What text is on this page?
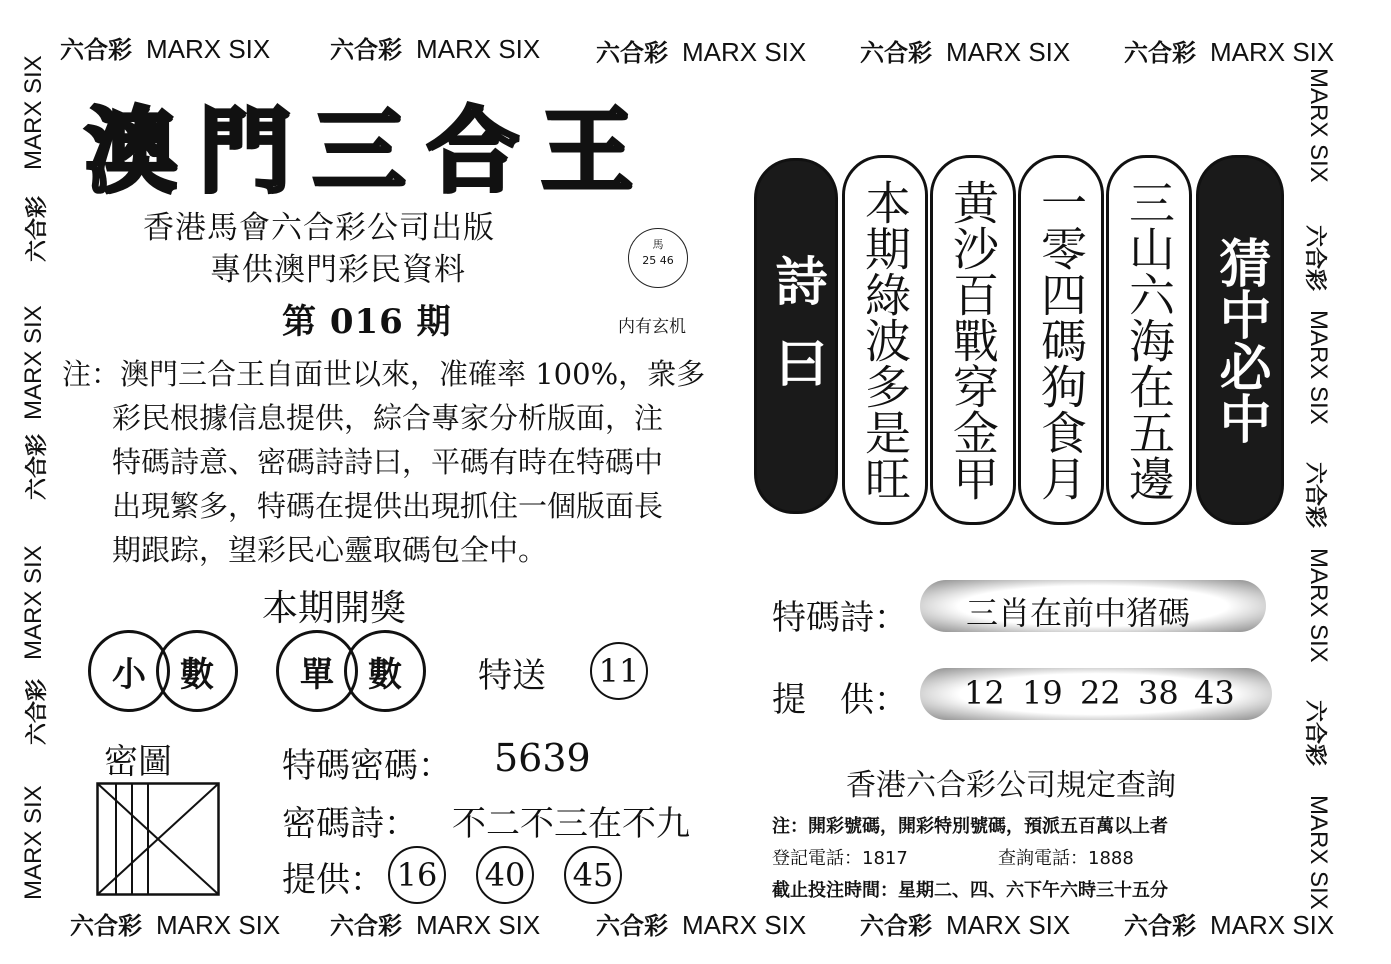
六合彩 MARX SIX 六合彩 MARX SIX 六合彩 MARX SIX 六合彩 MARX SIX 六合彩 MARX SIX
六合彩 MARX SIX 六合彩 MARX SIX 六合彩 MARX SIX 六合彩 MARX SIX 六合彩 MARX SIX
MARX SIX
六合彩
MARX SIX
六合彩
MARX SIX
六合彩
MARX SIX
MARX SIX
六合彩
MARX SIX
六合彩
MARX SIX
六合彩
MARX SIX
澳門三合王
香港馬會六合彩公司出版
專供澳門彩民資料
第 016 期
馬
25 46
内有玄机
注：澳門三合王自面世以來，准確率 100%，衆多
彩民根據信息提供，綜合專家分析版面，注
特碼詩意、密碼詩詩曰，平碼有時在特碼中
出現繁多，特碼在提供出現抓住一個版面長
期跟踪，望彩民心靈取碼包全中。
本期開獎
小	數	單	數	特送 11
密圖	特碼密碼： 5639
密碼詩： 不二不三在不九
提供： 16 40 45
詩曰 本期綠波多是旺 黄沙百戰穿金甲 一零四碼狗食月 三山六海在五邊 猜中必中
特碼詩： 三肖在前中猪碼
提　供： 12 19 22 38 43
香港六合彩公司規定查詢
注：開彩號碼，開彩特別號碼，預派五百萬以上者
登記電話：1817	查詢電話：1888
截止投注時間：星期二、四、六下午六時三十五分
